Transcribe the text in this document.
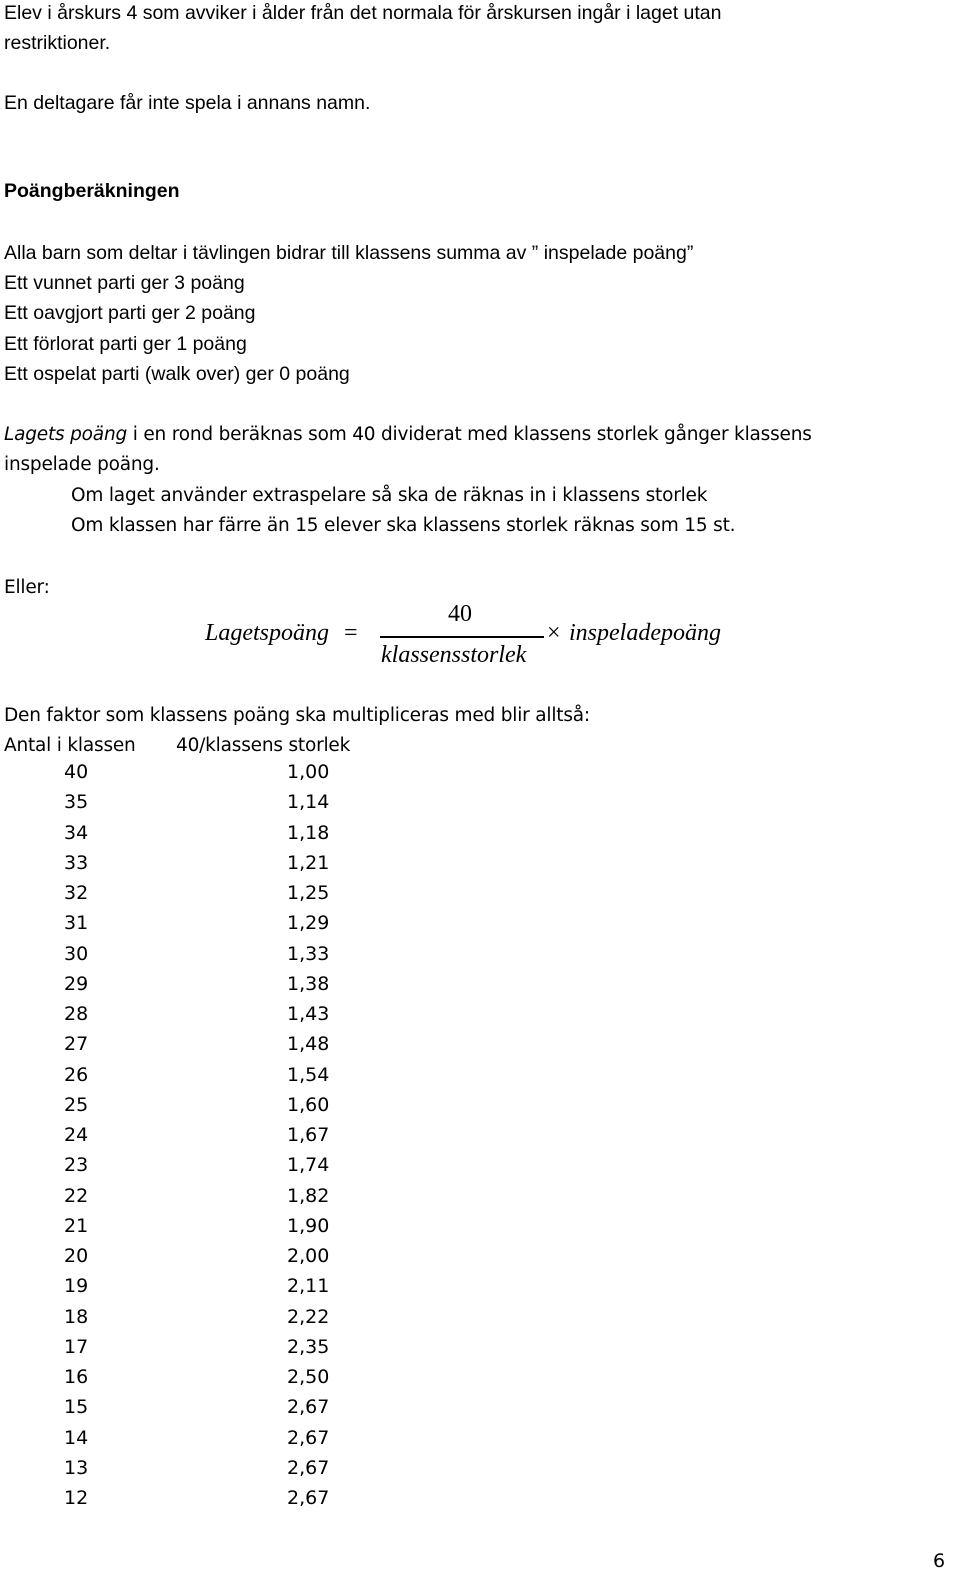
Elev i årskurs 4 som avviker i ålder från det normala för årskursen ingår i laget utan
restriktioner.
En deltagare får inte spela i annans namn.
Poängberäkningen
Alla barn som deltar i tävlingen bidrar till klassens summa av ” inspelade poäng”
Ett vunnet parti ger 3 poäng
Ett oavgjort parti ger 2 poäng
Ett förlorat parti ger 1 poäng
Ett ospelat parti (walk over) ger 0 poäng
Lagets poäng i en rond beräknas som 40 dividerat med klassens storlek gånger klassens
inspelade poäng.
Om laget använder extraspelare så ska de räknas in i klassens storlek
Om klassen har färre än 15 elever ska klassens storlek räknas som 15 st.
Eller:
Lagetspoäng =
40
klassensstorlek
× inspeladepoäng
Den faktor som klassens poäng ska multipliceras med blir alltså:
Antal i klassen 40/klassens storlek
40	1,00
35	1,14
34	1,18
33	1,21
32	1,25
31	1,29
30	1,33
29	1,38
28	1,43
27	1,48
26	1,54
25	1,60
24	1,67
23	1,74
22	1,82
21	1,90
20	2,00
19	2,11
18	2,22
17	2,35
16	2,50
15	2,67
14	2,67
13	2,67
12	2,67
6
